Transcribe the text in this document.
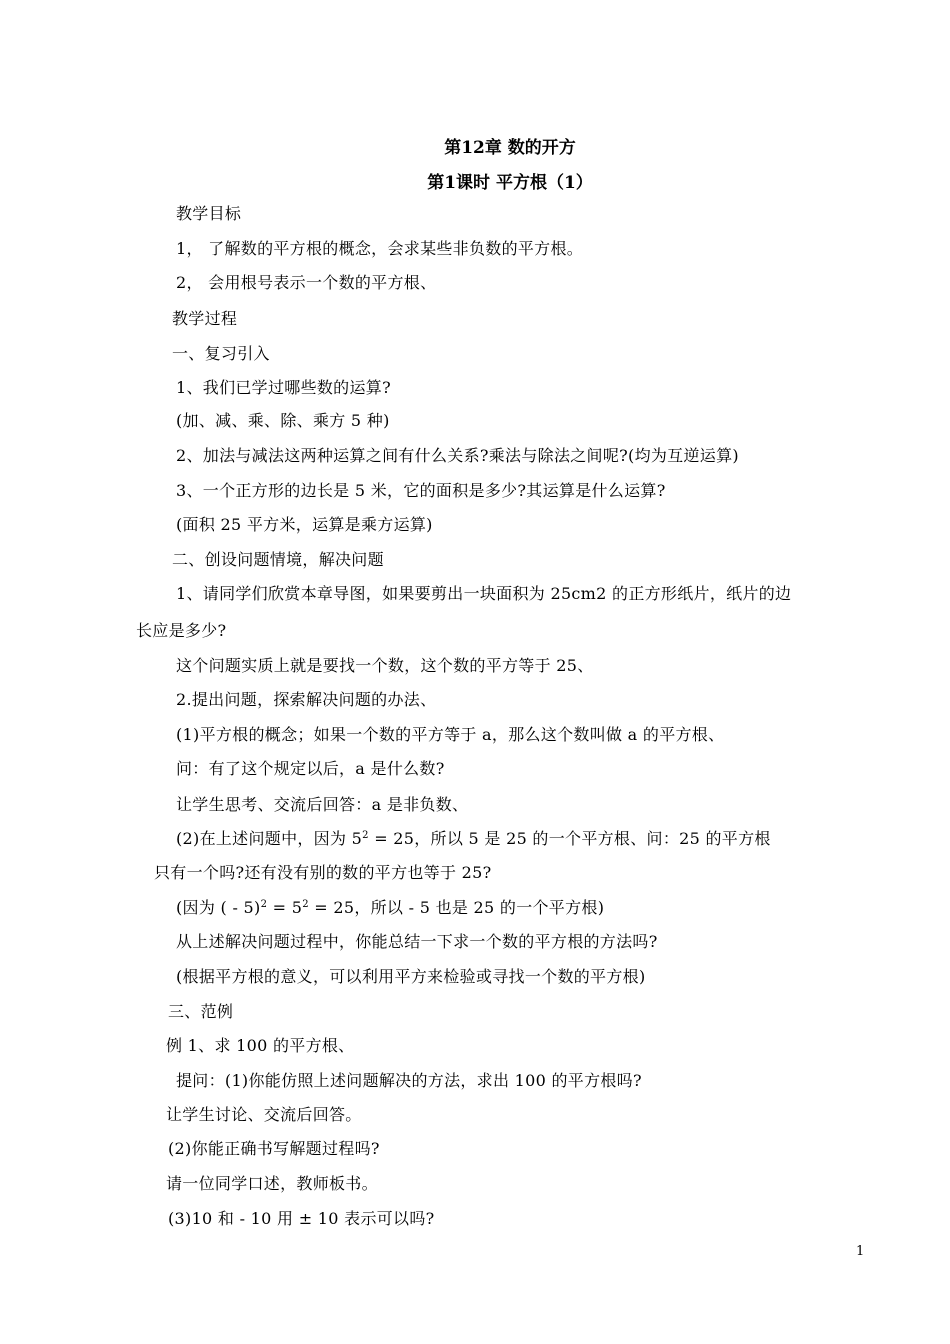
第12章 数的开方
第1课时 平方根（1）
教学目标
1， 了解数的平方根的概念，会求某些非负数的平方根。
2， 会用根号表示一个数的平方根、
教学过程
一、复习引入
1、我们已学过哪些数的运算?
(加、减、乘、除、乘方 5 种)
2、加法与减法这两种运算之间有什么关系?乘法与除法之间呢?(均为互逆运算)
3、一个正方形的边长是 5 米，它的面积是多少?其运算是什么运算?
(面积 25 平方米，运算是乘方运算)
二、创设问题情境，解决问题
1、请同学们欣赏本章导图，如果要剪出一块面积为 25cm2 的正方形纸片，纸片的边
长应是多少?
这个问题实质上就是要找一个数，这个数的平方等于 25、
2.提出问题，探索解决问题的办法、
(1)平方根的概念；如果一个数的平方等于 a，那么这个数叫做 a 的平方根、
问：有了这个规定以后，a 是什么数?
让学生思考、交流后回答：a 是非负数、
(2)在上述问题中，因为 $5^2 = 25$，所以 5 是 25 的一个平方根、问：25 的平方根
只有一个吗?还有没有别的数的平方也等于 25?
(因为 ( - $5)^2 = 5^2 = 25$，所以 - 5 也是 25 的一个平方根)
从上述解决问题过程中，你能总结一下求一个数的平方根的方法吗?
(根据平方根的意义，可以利用平方来检验或寻找一个数的平方根)
三、范例
例 1、求 100 的平方根、
提问：(1)你能仿照上述问题解决的方法，求出 100 的平方根吗?
让学生讨论、交流后回答。
(2)你能正确书写解题过程吗?
请一位同学口述，教师板书。
(3)10 和 - 10 用 ± 10 表示可以吗?
1
